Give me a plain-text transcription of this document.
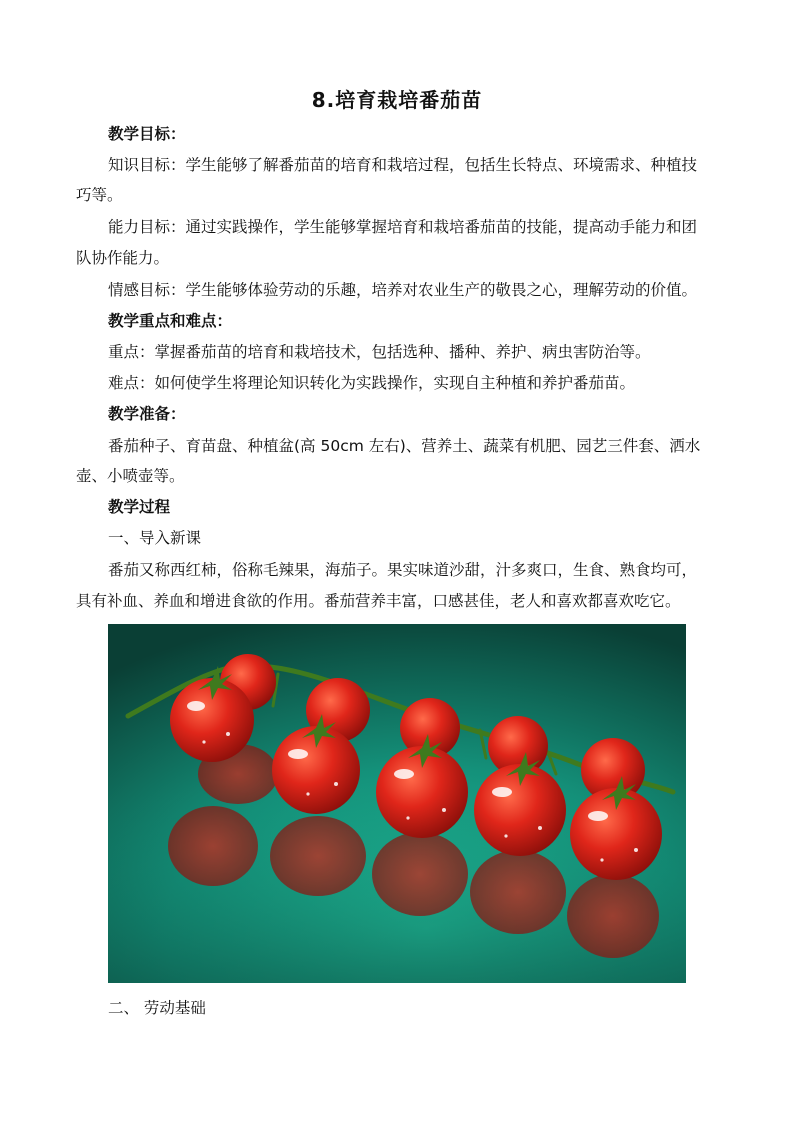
8.培育栽培番茄苗
教学目标：
知识目标：学生能够了解番茄苗的培育和栽培过程，包括生长特点、环境需求、种植技
巧等。
能力目标：通过实践操作，学生能够掌握培育和栽培番茄苗的技能，提高动手能力和团
队协作能力。
情感目标：学生能够体验劳动的乐趣，培养对农业生产的敬畏之心，理解劳动的价值。
教学重点和难点：
重点：掌握番茄苗的培育和栽培技术，包括选种、播种、养护、病虫害防治等。
难点：如何使学生将理论知识转化为实践操作，实现自主种植和养护番茄苗。
教学准备：
番茄种子、育苗盘、种植盆(高 50cm 左右)、营养土、蔬菜有机肥、园艺三件套、洒水
壶、小喷壶等。
教学过程
一、导入新课
番茄又称西红柿，俗称毛辣果，海茄子。果实味道沙甜，汁多爽口，生食、熟食均可，
具有补血、养血和增进食欲的作用。番茄营养丰富，口感甚佳，老人和喜欢都喜欢吃它。
二、 劳动基础
